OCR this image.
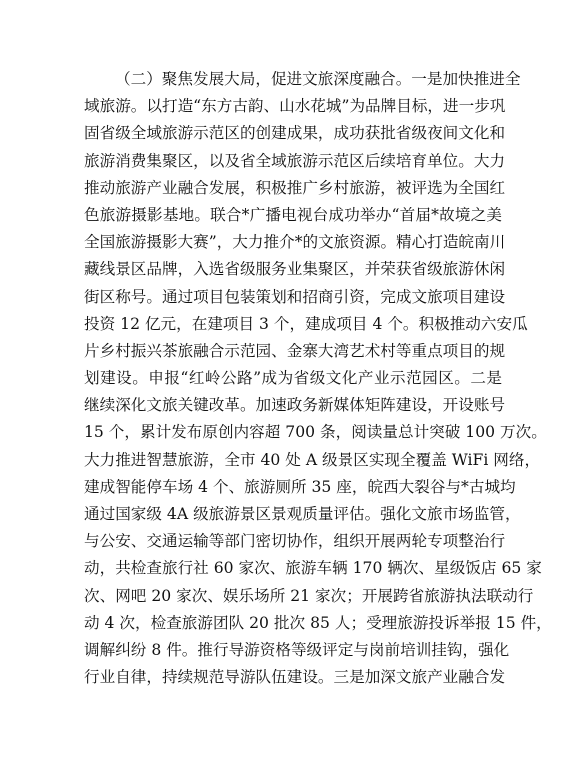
（二）聚焦发展大局，促进文旅深度融合。一是加快推进全
域旅游。以打造“东方古韵、山水花城”为品牌目标，进一步巩
固省级全域旅游示范区的创建成果，成功获批省级夜间文化和
旅游消费集聚区，以及省全域旅游示范区后续培育单位。大力
推动旅游产业融合发展，积极推广乡村旅游，被评选为全国红
色旅游摄影基地。联合*广播电视台成功举办“首届*故境之美
全国旅游摄影大赛”，大力推介*的文旅资源。精心打造皖南川
藏线景区品牌，入选省级服务业集聚区，并荣获省级旅游休闲
街区称号。通过项目包装策划和招商引资，完成文旅项目建设
投资 12 亿元，在建项目 3 个，建成项目 4 个。积极推动六安瓜
片乡村振兴茶旅融合示范园、金寨大湾艺术村等重点项目的规
划建设。申报“红岭公路”成为省级文化产业示范园区。二是
继续深化文旅关键改革。加速政务新媒体矩阵建设，开设账号
15 个，累计发布原创内容超 700 条，阅读量总计突破 100 万次。
大力推进智慧旅游，全市 40 处 A 级景区实现全覆盖 WiFi 网络，
建成智能停车场 4 个、旅游厕所 35 座，皖西大裂谷与*古城均
通过国家级 4A 级旅游景区景观质量评估。强化文旅市场监管，
与公安、交通运输等部门密切协作，组织开展两轮专项整治行
动，共检查旅行社 60 家次、旅游车辆 170 辆次、星级饭店 65 家
次、网吧 20 家次、娱乐场所 21 家次；开展跨省旅游执法联动行
动 4 次，检查旅游团队 20 批次 85 人；受理旅游投诉举报 15 件，
调解纠纷 8 件。推行导游资格等级评定与岗前培训挂钩，强化
行业自律，持续规范导游队伍建设。三是加深文旅产业融合发
